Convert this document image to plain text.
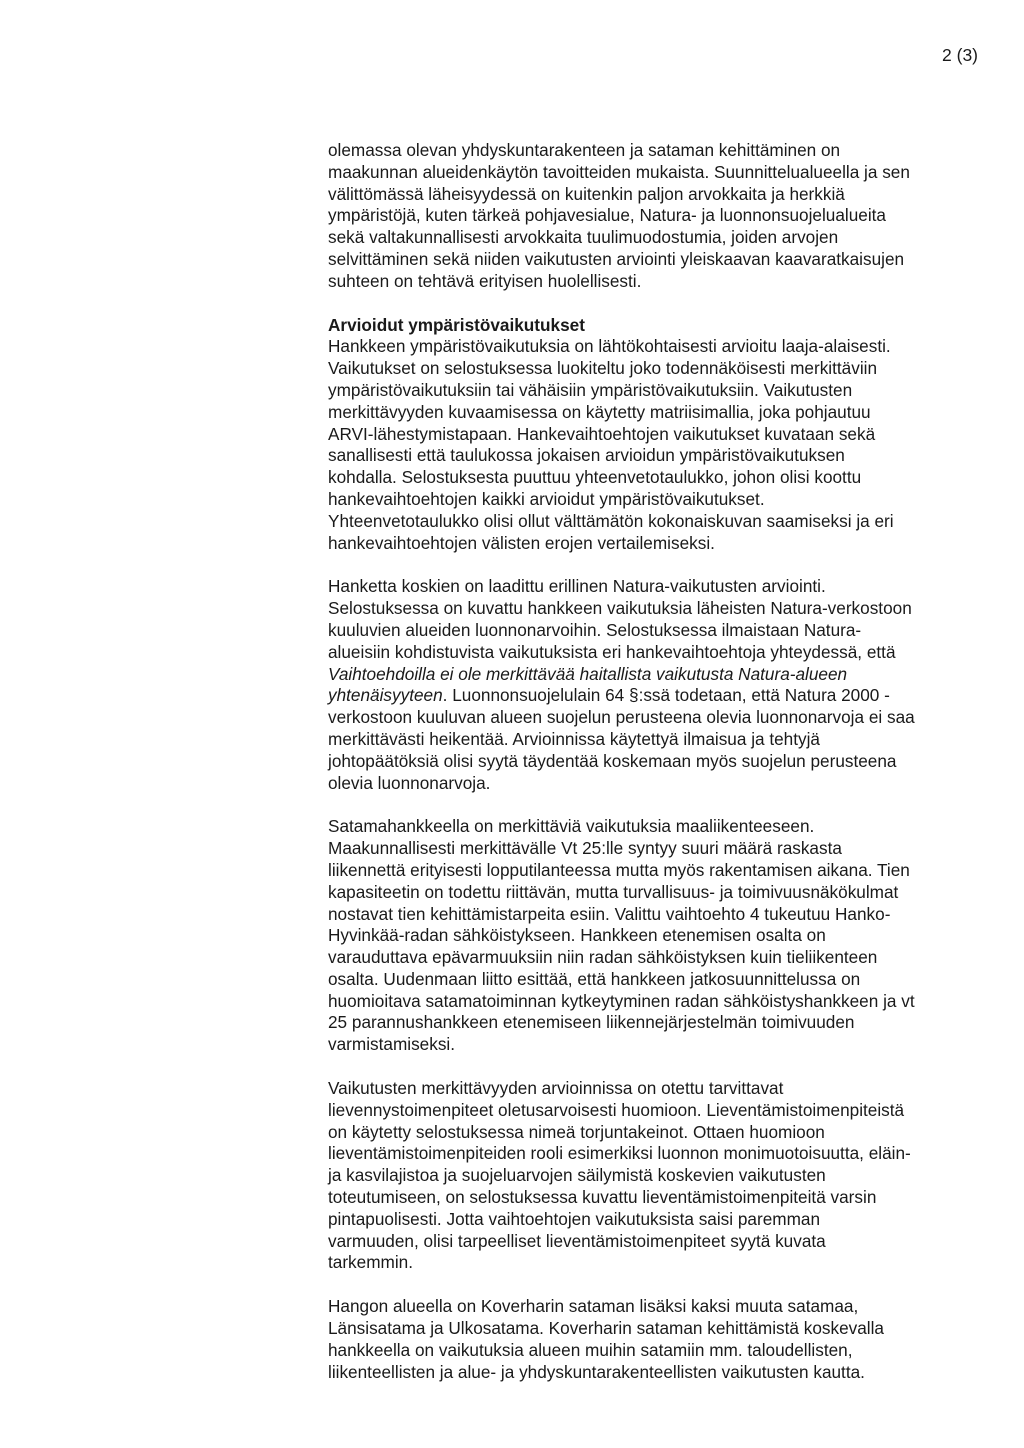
2 (3)
olemassa olevan yhdyskuntarakenteen ja sataman kehittäminen on
maakunnan alueidenkäytön tavoitteiden mukaista. Suunnittelualueella ja sen
välittömässä läheisyydessä on kuitenkin paljon arvokkaita ja herkkiä
ympäristöjä, kuten tärkeä pohjavesialue, Natura- ja luonnonsuojelualueita
sekä valtakunnallisesti arvokkaita tuulimuodostumia, joiden arvojen
selvittäminen sekä niiden vaikutusten arviointi yleiskaavan kaavaratkaisujen
suhteen on tehtävä erityisen huolellisesti.
Arvioidut ympäristövaikutukset
Hankkeen ympäristövaikutuksia on lähtökohtaisesti arvioitu laaja-alaisesti.
Vaikutukset on selostuksessa luokiteltu joko todennäköisesti merkittäviin
ympäristövaikutuksiin tai vähäisiin ympäristövaikutuksiin. Vaikutusten
merkittävyyden kuvaamisessa on käytetty matriisimallia, joka pohjautuu
ARVI-lähestymistapaan. Hankevaihtoehtojen vaikutukset kuvataan sekä
sanallisesti että taulukossa jokaisen arvioidun ympäristövaikutuksen
kohdalla. Selostuksesta puuttuu yhteenvetotaulukko, johon olisi koottu
hankevaihtoehtojen kaikki arvioidut ympäristövaikutukset.
Yhteenvetotaulukko olisi ollut välttämätön kokonaiskuvan saamiseksi ja eri
hankevaihtoehtojen välisten erojen vertailemiseksi.
Hanketta koskien on laadittu erillinen Natura-vaikutusten arviointi.
Selostuksessa on kuvattu hankkeen vaikutuksia läheisten Natura-verkostoon
kuuluvien alueiden luonnonarvoihin. Selostuksessa ilmaistaan Natura-
alueisiin kohdistuvista vaikutuksista eri hankevaihtoehtoja yhteydessä, että
Vaihtoehdoilla ei ole merkittävää haitallista vaikutusta Natura-alueen
yhtenäisyyteen. Luonnonsuojelulain 64 §:ssä todetaan, että Natura 2000 -
verkostoon kuuluvan alueen suojelun perusteena olevia luonnonarvoja ei saa
merkittävästi heikentää. Arvioinnissa käytettyä ilmaisua ja tehtyjä
johtopäätöksiä olisi syytä täydentää koskemaan myös suojelun perusteena
olevia luonnonarvoja.
Satamahankkeella on merkittäviä vaikutuksia maaliikenteeseen.
Maakunnallisesti merkittävälle Vt 25:lle syntyy suuri määrä raskasta
liikennettä erityisesti lopputilanteessa mutta myös rakentamisen aikana. Tien
kapasiteetin on todettu riittävän, mutta turvallisuus- ja toimivuusnäkökulmat
nostavat tien kehittämistarpeita esiin. Valittu vaihtoehto 4 tukeutuu Hanko-
Hyvinkää-radan sähköistykseen. Hankkeen etenemisen osalta on
varauduttava epävarmuuksiin niin radan sähköistyksen kuin tieliikenteen
osalta. Uudenmaan liitto esittää, että hankkeen jatkosuunnittelussa on
huomioitava satamatoiminnan kytkeytyminen radan sähköistyshankkeen ja vt
25 parannushankkeen etenemiseen liikennejärjestelmän toimivuuden
varmistamiseksi.
Vaikutusten merkittävyyden arvioinnissa on otettu tarvittavat
lievennystoimenpiteet oletusarvoisesti huomioon. Lieventämistoimenpiteistä
on käytetty selostuksessa nimeä torjuntakeinot. Ottaen huomioon
lieventämistoimenpiteiden rooli esimerkiksi luonnon monimuotoisuutta, eläin-
ja kasvilajistoa ja suojeluarvojen säilymistä koskevien vaikutusten
toteutumiseen, on selostuksessa kuvattu lieventämistoimenpiteitä varsin
pintapuolisesti. Jotta vaihtoehtojen vaikutuksista saisi paremman
varmuuden, olisi tarpeelliset lieventämistoimenpiteet syytä kuvata
tarkemmin.
Hangon alueella on Koverharin sataman lisäksi kaksi muuta satamaa,
Länsisatama ja Ulkosatama. Koverharin sataman kehittämistä koskevalla
hankkeella on vaikutuksia alueen muihin satamiin mm. taloudellisten,
liikenteellisten ja alue- ja yhdyskuntarakenteellisten vaikutusten kautta.
